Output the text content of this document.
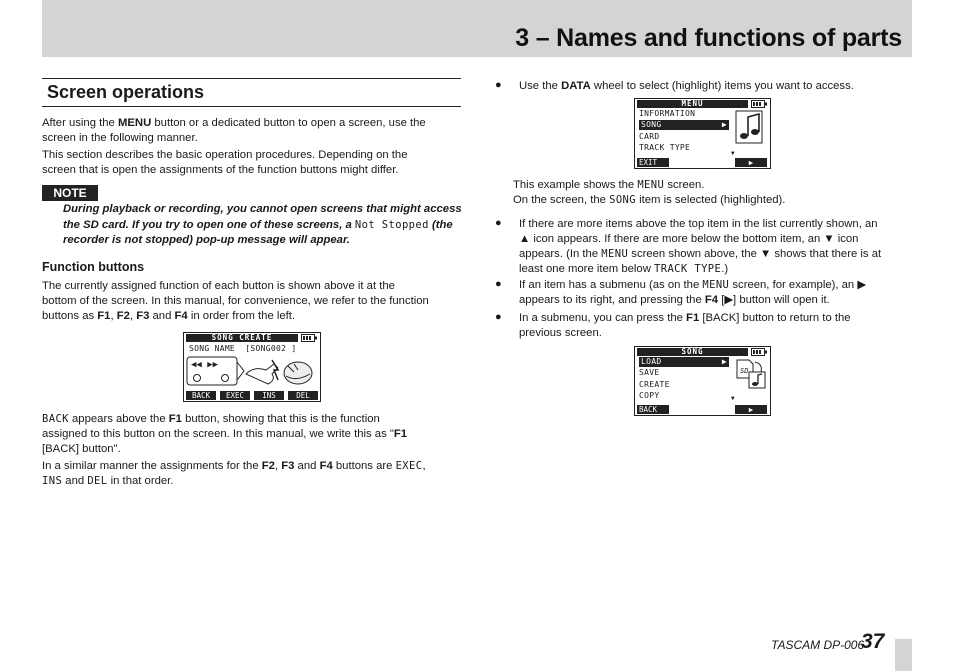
3 – Names and functions of parts
Screen operations
After using the MENU button or a dedicated button to open a screen, use the
screen in the following manner.
This section describes the basic operation procedures. Depending on the
screen that is open the assignments of the function buttons might differ.
NOTE
During playback or recording, you cannot open screens that might access
the SD card. If you try to open one of these screens, a Not Stopped (the
recorder is not stopped) pop-up message will appear.
Function buttons
The currently assigned function of each button is shown above it at the
bottom of the screen. In this manual, for convenience, we refer to the function
buttons as F1, F2, F3 and F4 in order from the left.
SONG CREATE
SONG NAME [SONG002 ]
◀◀ ▶▶
BACK	EXEC	INS	DEL
BACK appears above the F1 button, showing that this is the function
assigned to this button on the screen. In this manual, we write this as "F1
[BACK] button".
In a similar manner the assignments for the F2, F3 and F4 buttons are EXEC,
INS and DEL in that order.
● Use the DATA wheel to select (highlight) items you want to access.
MENU
INFORMATION
SONG	▶
CARD
TRACK TYPE
▼
EXIT	▶
This example shows the MENU screen.
On the screen, the SONG item is selected (highlighted).
● If there are more items above the top item in the list currently shown, an
▲ icon appears. If there are more below the bottom item, an ▼ icon
appears. (In the MENU screen shown above, the ▼ shows that there is at
least one more item below TRACK TYPE.)
● If an item has a submenu (as on the MENU screen, for example), an ▶
appears to its right, and pressing the F4 [▶] button will open it.
● In a submenu, you can press the F1 [BACK] button to return to the
previous screen.
SONG
LOAD	▶
SAVE
CREATE
COPY	▼
SD
BACK	▶
TASCAM DP-006
37
